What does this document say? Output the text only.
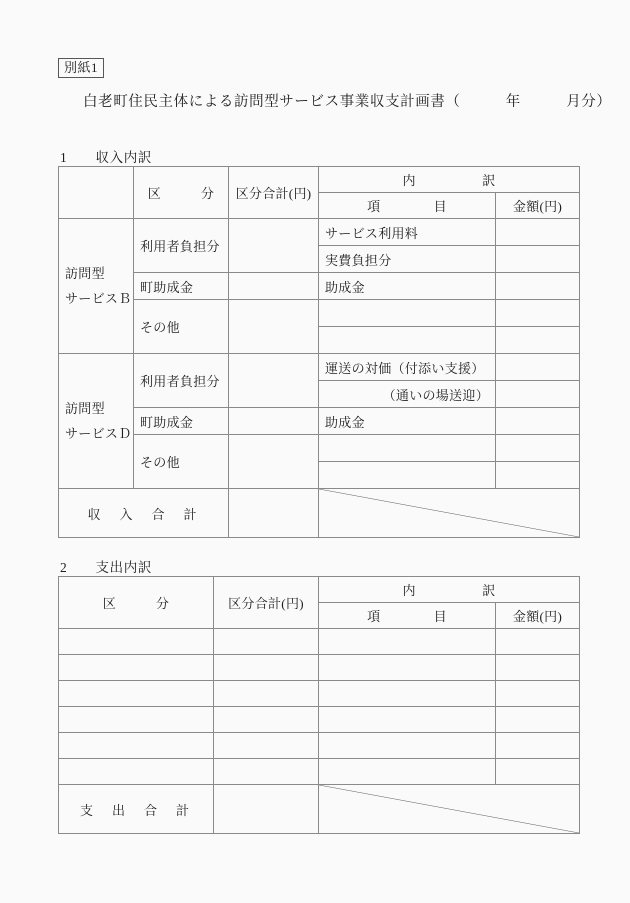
別紙1
白老町住民主体による訪問型サービス事業収支計画書（　　　年　　　月分）
1　　収入内訳
	区　　　分	区分合計(円)	内　　　　　訳	
			項　　　　目	金額(円)
訪問型
サービスＢ	利用者負担分		サービス利用料	
			実費負担分	
	町助成金		助成金	
	その他			

訪問型
サービスＤ	利用者負担分		運送の対価（付添い支援）	
			（通いの場送迎）	
	町助成金		助成金	
	その他			

収　入　合　計		

2　　支出内訳
区　　　分	区分合計(円)	内　　　　　訳	
		項　　　　目	金額(円)

支　出　合　計		
